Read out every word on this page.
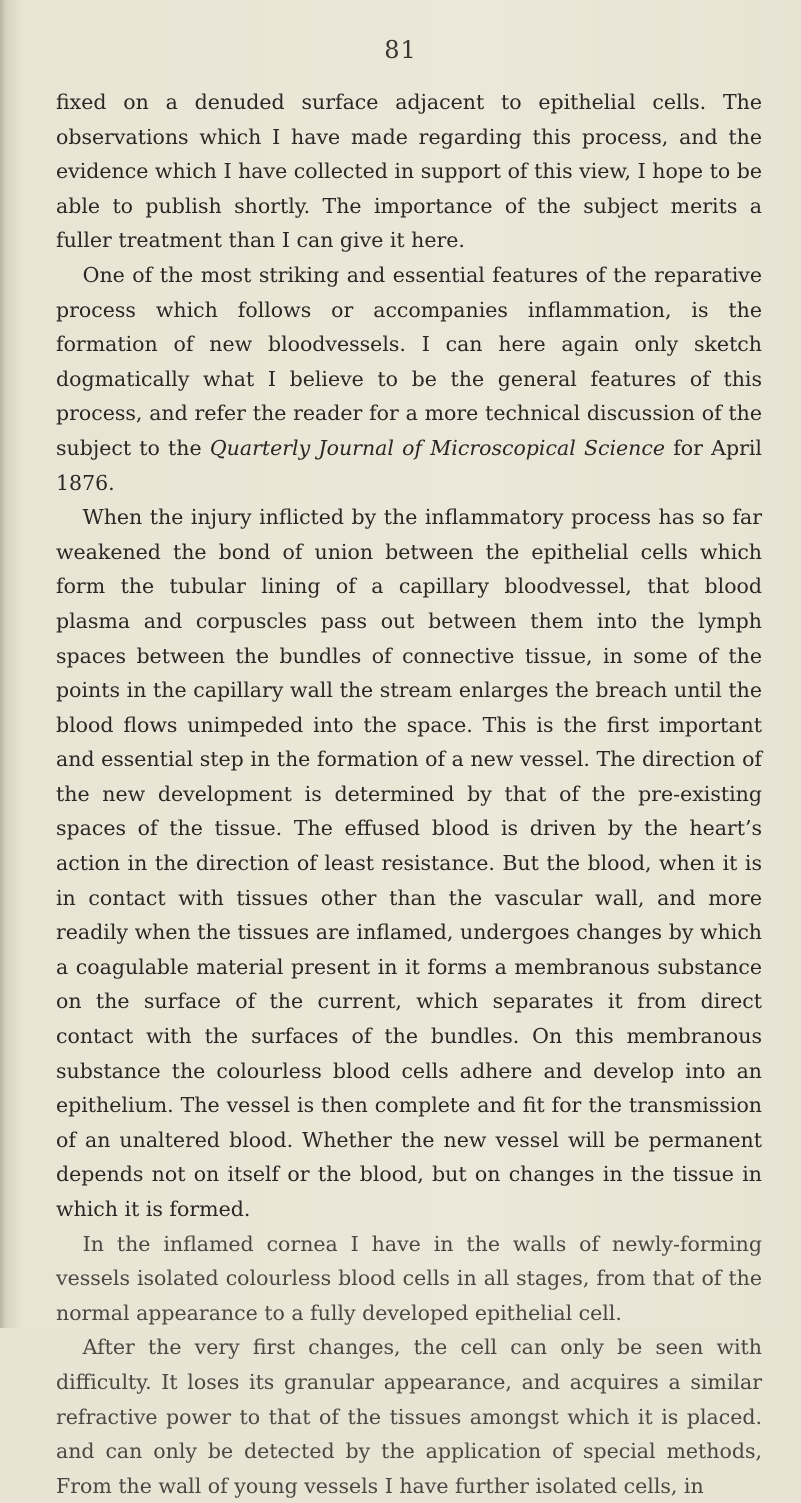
81

fixed on a denuded surface adjacent to epithelial cells. The observations which I have made regarding this process, and the evidence which I have collected in support of this view, I hope to be able to publish shortly. The importance of the subject merits a fuller treatment than I can give it here.

One of the most striking and essential features of the reparative process which follows or accompanies inflammation, is the formation of new bloodvessels. I can here again only sketch dogmatically what I believe to be the general features of this process, and refer the reader for a more technical discussion of the subject to the Quarterly Journal of Microscopical Science for April 1876.

When the injury inflicted by the inflammatory process has so far weakened the bond of union between the epithelial cells which form the tubular lining of a capillary bloodvessel, that blood plasma and corpuscles pass out between them into the lymph spaces between the bundles of connective tissue, in some of the points in the capillary wall the stream enlarges the breach until the blood flows unimpeded into the space. This is the first important and essential step in the formation of a new vessel. The direction of the new development is determined by that of the pre-existing spaces of the tissue. The effused blood is driven by the heart’s action in the direction of least resistance. But the blood, when it is in contact with tissues other than the vascular wall, and more readily when the tissues are inflamed, undergoes changes by which a coagulable material present in it forms a membranous substance on the surface of the current, which separates it from direct contact with the surfaces of the bundles. On this membranous substance the colourless blood cells adhere and develop into an epithelium. The vessel is then complete and fit for the transmission of an unaltered blood. Whether the new vessel will be permanent depends not on itself or the blood, but on changes in the tissue in which it is formed.

In the inflamed cornea I have in the walls of newly-forming vessels isolated colourless blood cells in all stages, from that of the normal appearance to a fully developed epithelial cell.

After the very first changes, the cell can only be seen with difficulty. It loses its granular appearance, and acquires a similar refractive power to that of the tissues amongst which it is placed. and can only be detected by the application of special methods, From the wall of young vessels I have further isolated cells, in
